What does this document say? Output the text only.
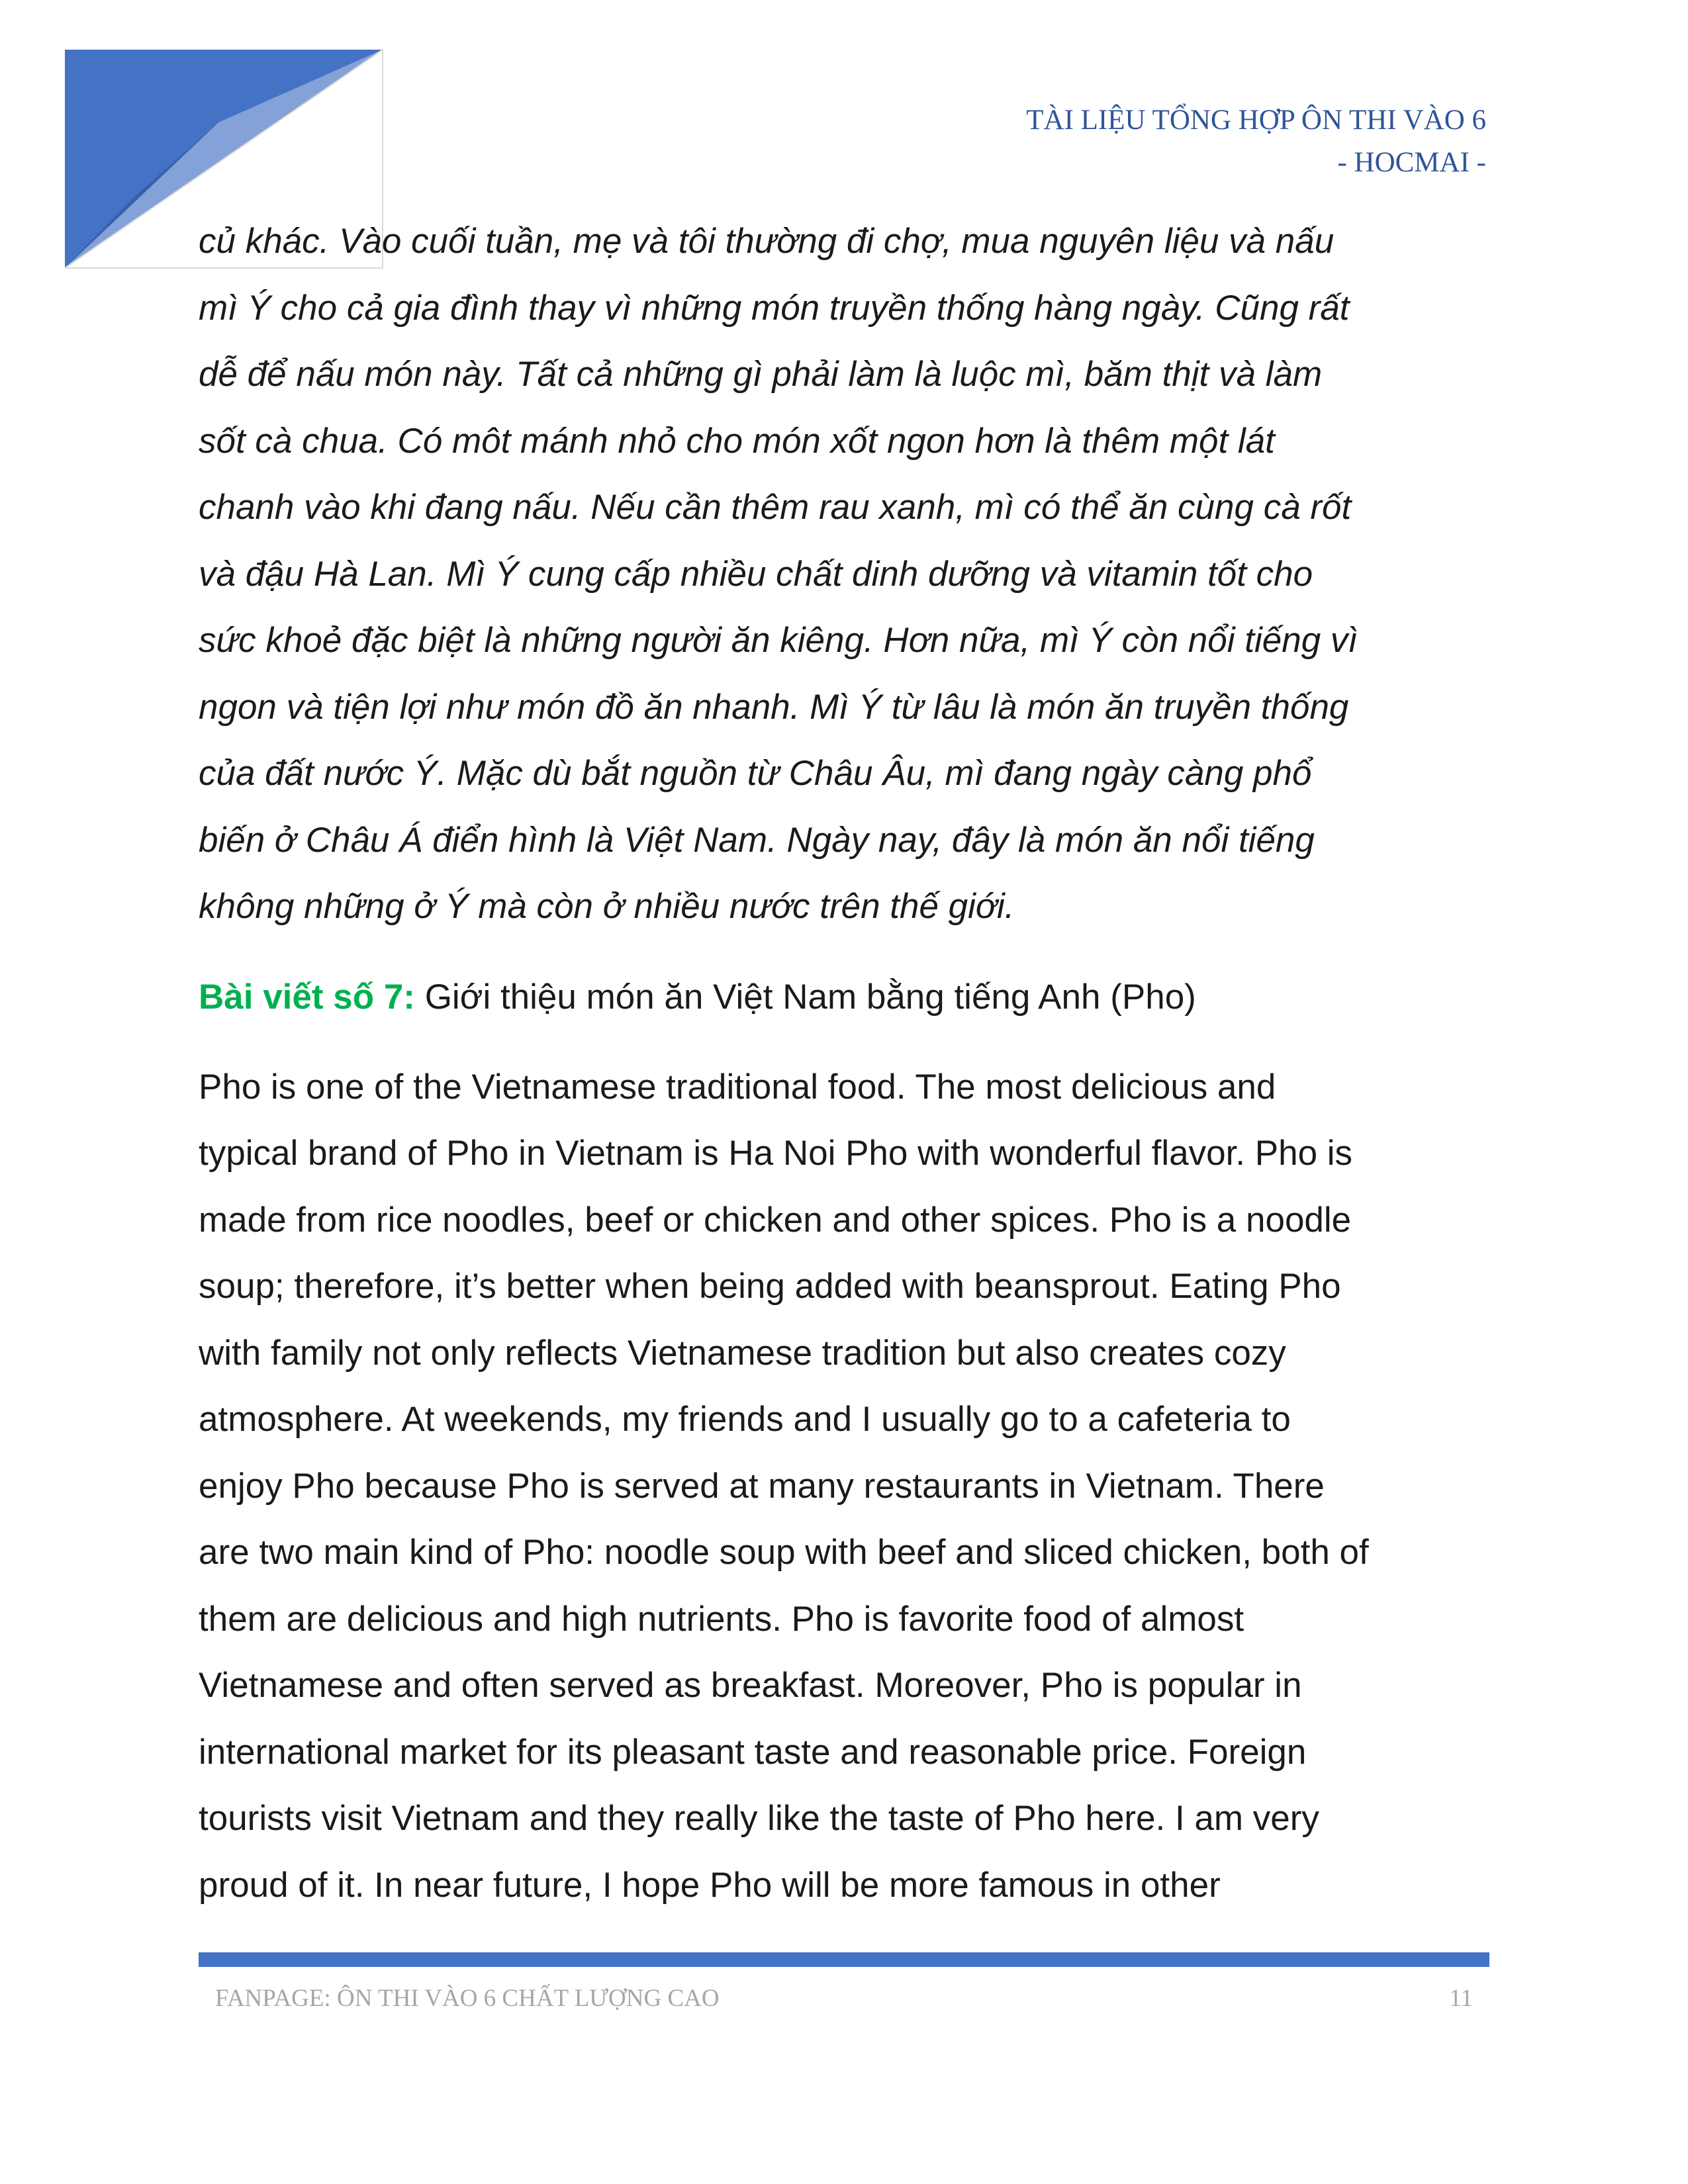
TÀI LIỆU TỔNG HỢP ÔN THI VÀO 6
- HOCMAI -
củ khác. Vào cuối tuần, mẹ và tôi thường đi chợ, mua nguyên liệu và nấu
mì Ý cho cả gia đình thay vì những món truyền thống hàng ngày. Cũng rất
dễ để nấu món này. Tất cả những gì phải làm là luộc mì, băm thịt và làm
sốt cà chua. Có môt mánh nhỏ cho món xốt ngon hơn là thêm một lát
chanh vào khi đang nấu. Nếu cần thêm rau xanh, mì có thể ăn cùng cà rốt
và đậu Hà Lan. Mì Ý cung cấp nhiều chất dinh dưỡng và vitamin tốt cho
sức khoẻ đặc biệt là những người ăn kiêng. Hơn nữa, mì Ý còn nổi tiếng vì
ngon và tiện lợi như món đồ ăn nhanh. Mì Ý từ lâu là món ăn truyền thống
của đất nước Ý. Mặc dù bắt nguồn từ Châu Âu, mì đang ngày càng phổ
biến ở Châu Á điển hình là Việt Nam. Ngày nay, đây là món ăn nổi tiếng
không những ở Ý mà còn ở nhiều nước trên thế giới.
Bài viết số 7: Giới thiệu món ăn Việt Nam bằng tiếng Anh (Pho)
Pho is one of the Vietnamese traditional food. The most delicious and
typical brand of Pho in Vietnam is Ha Noi Pho with wonderful flavor. Pho is
made from rice noodles, beef or chicken and other spices. Pho is a noodle
soup; therefore, it’s better when being added with beansprout. Eating Pho
with family not only reflects Vietnamese tradition but also creates cozy
atmosphere. At weekends, my friends and I usually go to a cafeteria to
enjoy Pho because Pho is served at many restaurants in Vietnam. There
are two main kind of Pho: noodle soup with beef and sliced chicken, both of
them are delicious and high nutrients. Pho is favorite food of almost
Vietnamese and often served as breakfast. Moreover, Pho is popular in
international market for its pleasant taste and reasonable price. Foreign
tourists visit Vietnam and they really like the taste of Pho here. I am very
proud of it. In near future, I hope Pho will be more famous in other
FANPAGE: ÔN THI VÀO 6 CHẤT LƯỢNG CAO	11
